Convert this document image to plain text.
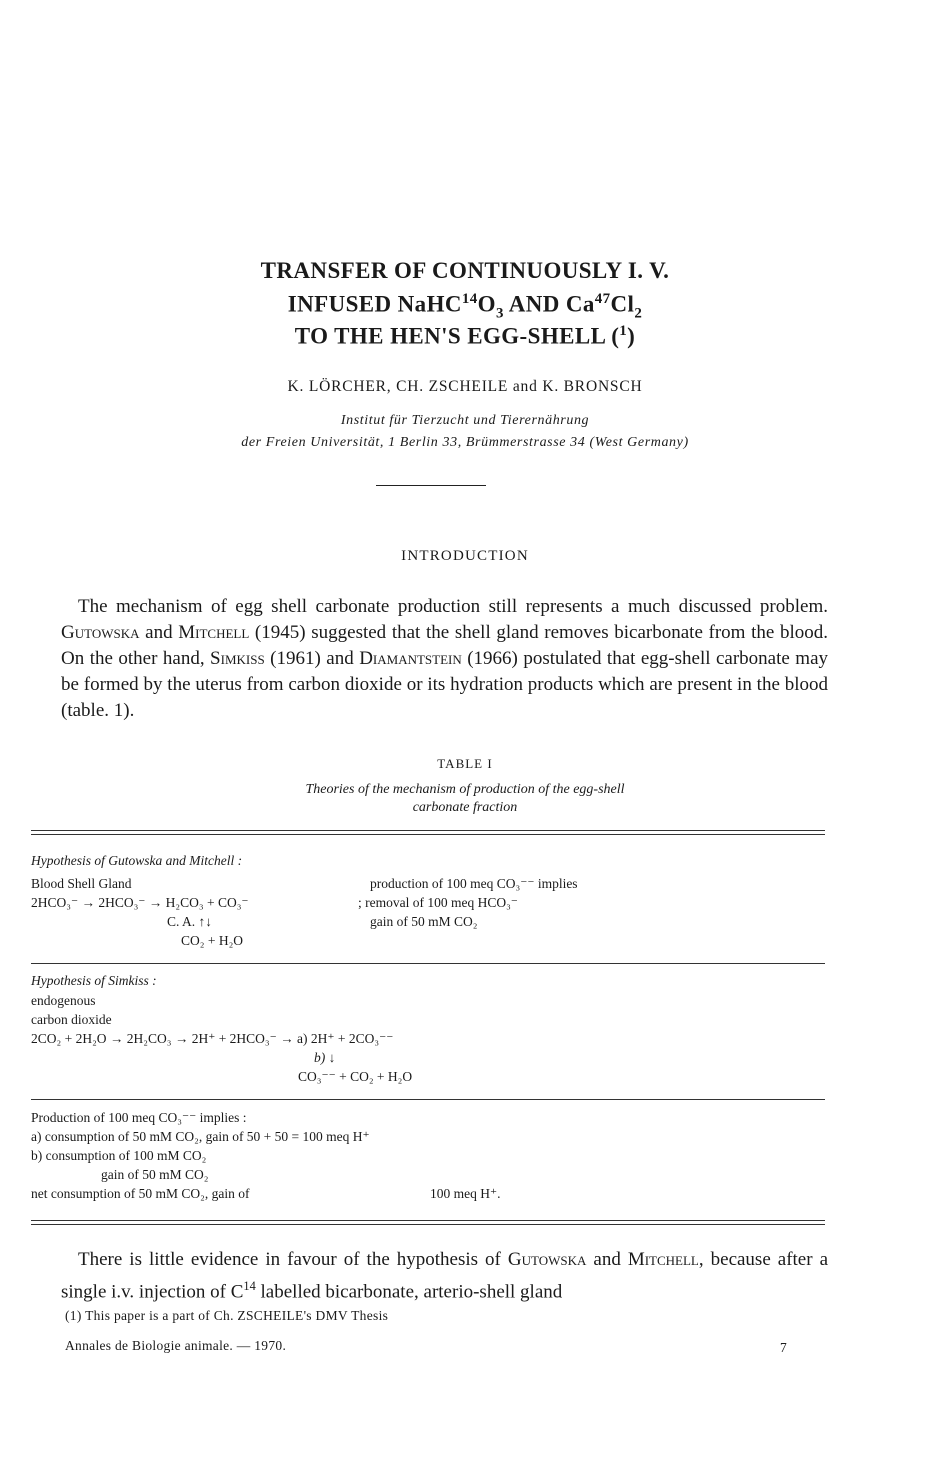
TRANSFER OF CONTINUOUSLY I. V.
INFUSED $NaHC^{14}O_3$ AND $Ca^{47}Cl_2$
TO THE HEN'S EGG-SHELL ($^1$)
K. LÖRCHER, CH. ZSCHEILE and K. BRONSCH
Institut für Tierzucht und Tierernährung
der Freien Universität, 1 Berlin 33, Brümmerstrasse 34 (West Germany)
INTRODUCTION

The mechanism of egg shell carbonate production still represents a much discussed problem. Gutowska and Mitchell (1945) suggested that the shell gland removes bicarbonate from the blood. On the other hand, Simkiss (1961) and Diamantstein (1966) postulated that egg-shell carbonate may be formed by the uterus from carbon dioxide or its hydration products which are present in the blood (table. 1).

TABLE I
Theories of the mechanism of production of the egg-shell
carbonate fraction
Hypothesis of Gutowska and Mitchell :
Blood Shell Gland
2HCO₃⁻ → 2HCO₃⁻ → H₂CO₃ + CO₃⁻
C. A. ↑↓
CO₂ + H₂O
production of 100 meq CO₃⁻⁻ implies
; removal of 100 meq HCO₃⁻
gain of 50 mM CO₂
Hypothesis of Simkiss :
endogenous
carbon dioxide
2CO₂ + 2H₂O → 2H₂CO₃ → 2H⁺ + 2HCO₃⁻ → a) 2H⁺ + 2CO₃⁻⁻
b) ↓
CO₃⁻⁻ + CO₂ + H₂O
Production of 100 meq CO₃⁻⁻ implies :
a) consumption of 50 mM CO₂, gain of 50 + 50 = 100 meq H⁺
b) consumption of 100 mM CO₂
gain of 50 mM CO₂
net consumption of 50 mM CO₂, gain of	100 meq H⁺.

There is little evidence in favour of the hypothesis of Gutowska and Mitchell, because after a single i.v. injection of $C^{14}$ labelled bicarbonate, arterio-shell gland

(1) This paper is a part of Ch. ZSCHEILE's DMV Thesis
Annales de Biologie animale. — 1970.	7
